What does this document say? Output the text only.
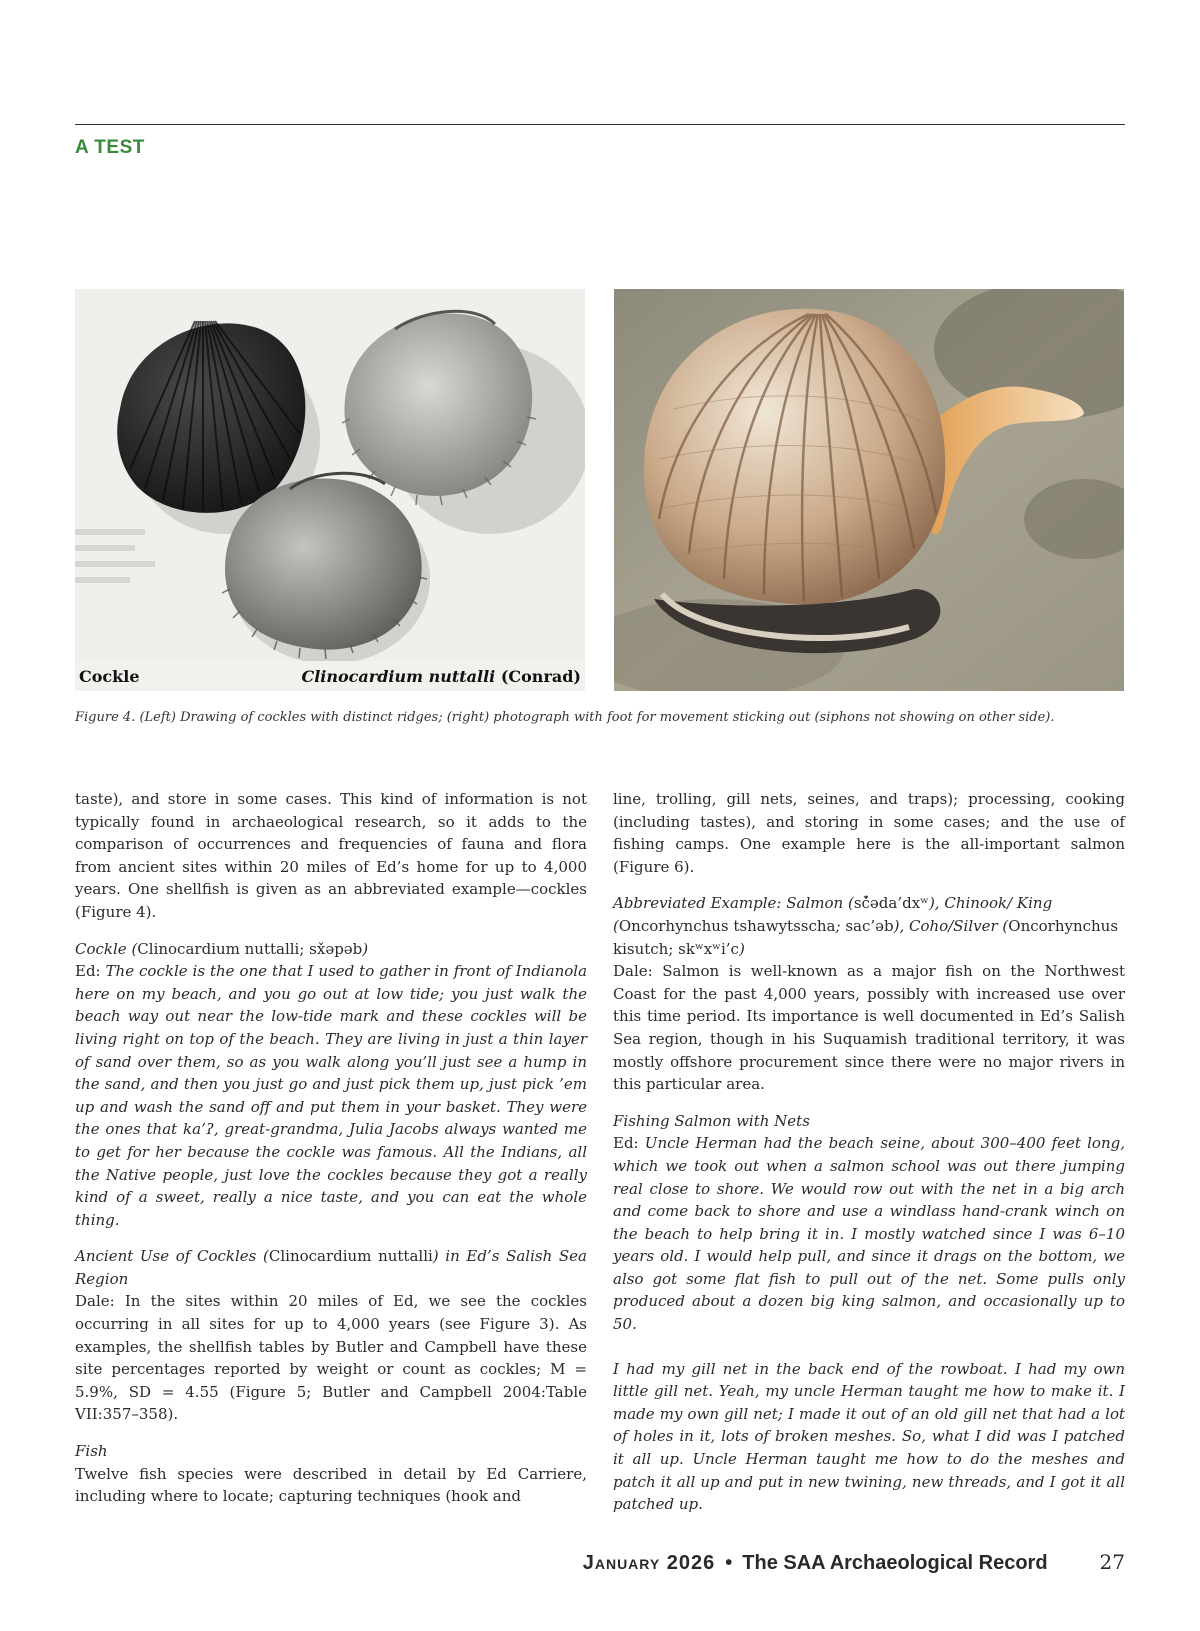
A TEST
Cockle	Clinocardium nuttalli (Conrad)
Figure 4. (Left) Drawing of cockles with distinct ridges; (right) photograph with foot for movement sticking out (siphons not showing on other side).

taste), and store in some cases. This kind of information is not typically found in archaeological research, so it adds to the comparison of occurrences and frequencies of fauna and flora from ancient sites within 20 miles of Ed’s home for up to 4,000 years. One shellfish is given as an abbreviated example—cockles (Figure 4).

Cockle (Clinocardium nuttalli; sx̌əpəb)

Ed: The cockle is the one that I used to gather in front of Indianola here on my beach, and you go out at low tide; you just walk the beach way out near the low-tide mark and these cockles will be living right on top of the beach. They are living in just a thin layer of sand over them, so as you walk along you’ll just see a hump in the sand, and then you just go and just pick them up, just pick ’em up and wash the sand off and put them in your basket. They were the ones that ka’ʔ, great-grandma, Julia Jacobs always wanted me to get for her because the cockle was famous. All the Indians, all the Native people, just love the cockles because they got a really kind of a sweet, really a nice taste, and you can eat the whole thing.

Ancient Use of Cockles (Clinocardium nuttalli) in Ed’s Salish Sea Region

Dale: In the sites within 20 miles of Ed, we see the cockles occurring in all sites for up to 4,000 years (see Figure 3). As examples, the shellfish tables by Butler and Campbell have these site percentages reported by weight or count as cockles; M = 5.9%, SD = 4.55 (Figure 5; Butler and Campbell 2004:Table VII:357–358).

Fish

Twelve fish species were described in detail by Ed Carriere, including where to locate; capturing techniques (hook and

line, trolling, gill nets, seines, and traps); processing, cooking (including tastes), and storing in some cases; and the use of fishing camps. One example here is the all-important salmon (Figure 6).

Abbreviated Example: Salmon (sč̓əda’dxʷ), Chinook/ King (Oncorhynchus tshawytsscha; sac’əb), Coho/Silver (Oncorhynchus kisutch; skʷxʷi’c)

Dale: Salmon is well-known as a major fish on the Northwest Coast for the past 4,000 years, possibly with increased use over this time period. Its importance is well documented in Ed’s Salish Sea region, though in his Suquamish traditional territory, it was mostly offshore procurement since there were no major rivers in this particular area.

Fishing Salmon with Nets

Ed: Uncle Herman had the beach seine, about 300–400 feet long, which we took out when a salmon school was out there jumping real close to shore. We would row out with the net in a big arch and come back to shore and use a windlass hand-crank winch on the beach to help bring it in. I mostly watched since I was 6–10 years old. I would help pull, and since it drags on the bottom, we also got some flat fish to pull out of the net. Some pulls only produced about a dozen big king salmon, and occasionally up to 50.

I had my gill net in the back end of the rowboat. I had my own little gill net. Yeah, my uncle Herman taught me how to make it. I made my own gill net; I made it out of an old gill net that had a lot of holes in it, lots of broken meshes. So, what I did was I patched it all up. Uncle Herman taught me how to do the meshes and patch it all up and put in new twining, new threads, and I got it all patched up.

January 2026 • The SAA Archaeological Record	27
